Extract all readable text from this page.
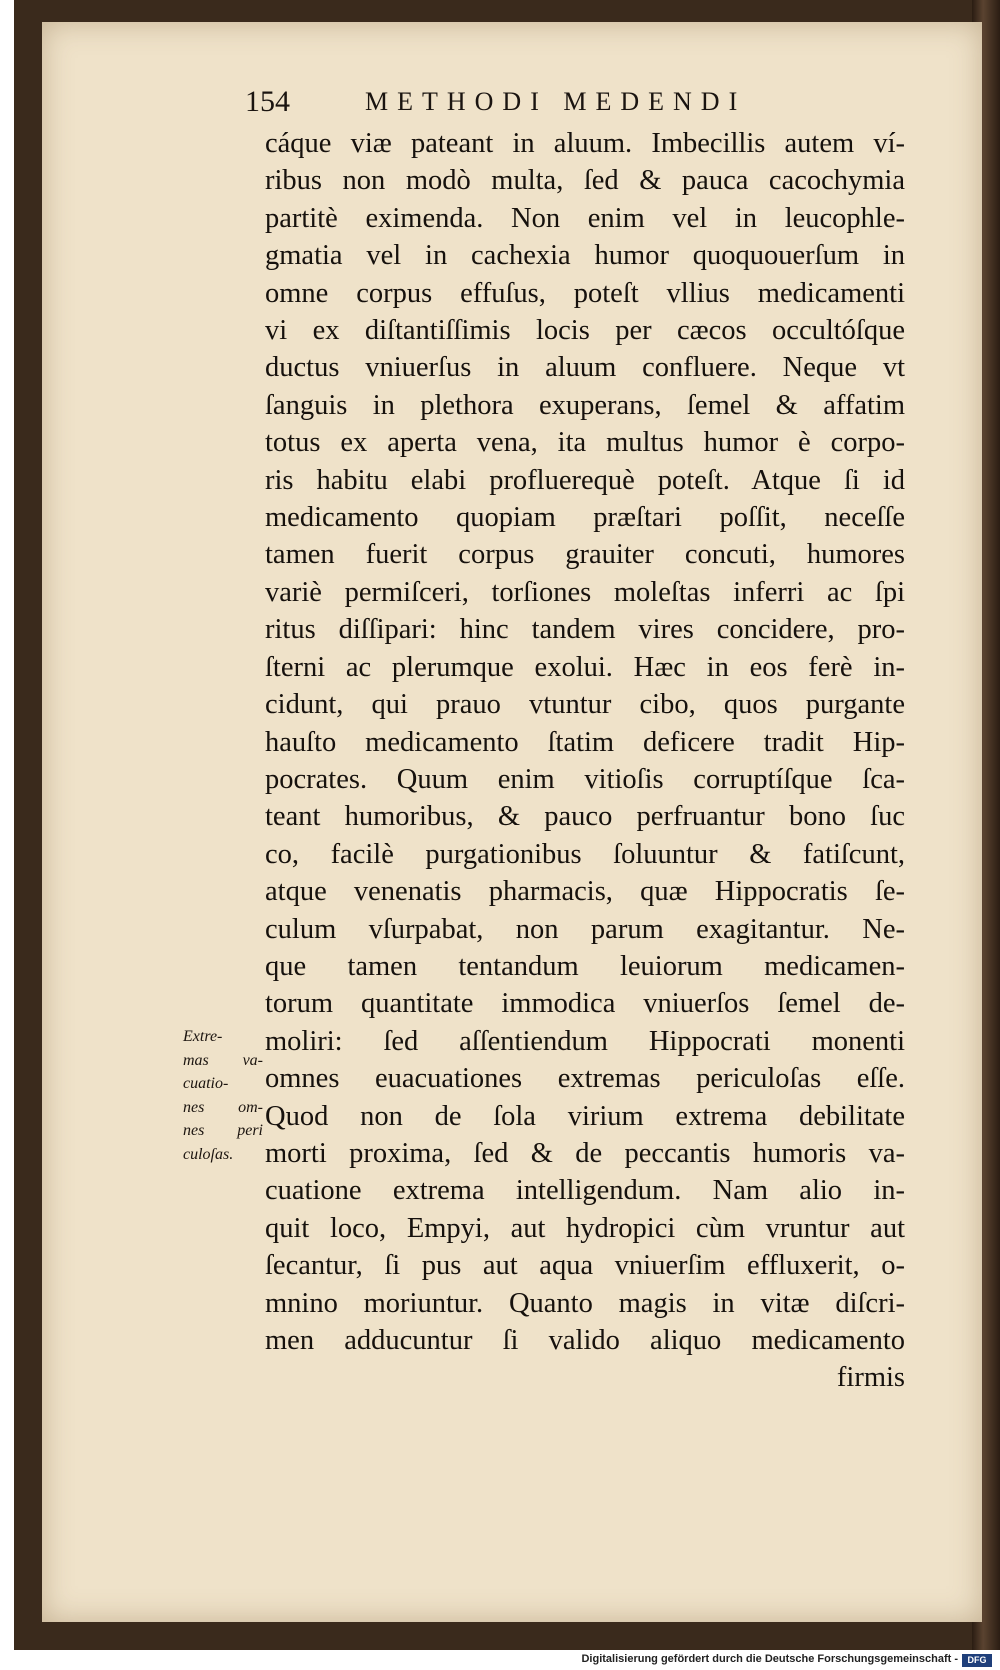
154	METHODI MEDENDI
cáque viæ pateant in aluum. Imbecillis autem ví-
ribus non modò multa, ſed & pauca cacochymia
partitè eximenda. Non enim vel in leucophle-
gmatia vel in cachexia humor quoquouerſum in
omne corpus effuſus, poteſt vllius medicamenti
vi ex diſtantiſſimis locis per cæcos occultóſque
ductus vniuerſus in aluum confluere. Neque vt
ſanguis in plethora exuperans, ſemel & affatim
totus ex aperta vena, ita multus humor è corpo-
ris habitu elabi profluerequè poteſt. Atque ſi id
medicamento quopiam præſtari poſſit, neceſſe
tamen fuerit corpus grauiter concuti, humores
variè permiſceri, torſiones moleſtas inferri ac ſpi
ritus diſſipari: hinc tandem vires concidere, pro-
ſterni ac plerumque exolui. Hæc in eos ferè in-
cidunt, qui prauo vtuntur cibo, quos purgante
hauſto medicamento ſtatim deficere tradit Hip-
pocrates. Quum enim vitioſis corruptíſque ſca-
teant humoribus, & pauco perfruantur bono ſuc
co, facilè purgationibus ſoluuntur & fatiſcunt,
atque venenatis pharmacis, quæ Hippocratis ſe-
culum vſurpabat, non parum exagitantur. Ne-
que tamen tentandum leuiorum medicamen-
torum quantitate immodica vniuerſos ſemel de-
moliri: ſed aſſentiendum Hippocrati monenti
omnes euacuationes extremas periculoſas eſſe.
Quod non de ſola virium extrema debilitate
morti proxima, ſed & de peccantis humoris va-
cuatione extrema intelligendum. Nam alio in-
quit loco, Empyi, aut hydropici cùm vruntur aut
ſecantur, ſi pus aut aqua vniuerſim effluxerit, o-
mnino moriuntur. Quanto magis in vitæ diſcri-
men adducuntur ſi valido aliquo medicamento
firmis
Extre-
mas va-
cuatio-
nes om-
nes peri
culoſas.
Digitalisierung gefördert durch die Deutsche Forschungsgemeinschaft -	DFG
